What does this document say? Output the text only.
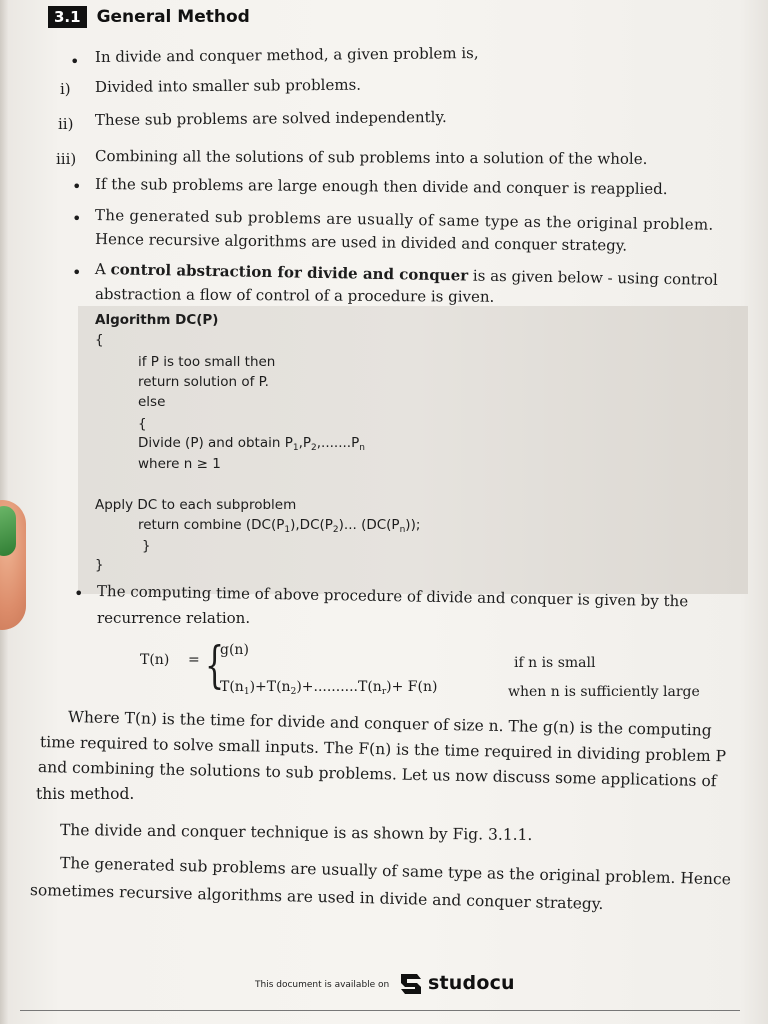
3.1 General Method
• In divide and conquer method, a given problem is,
i) Divided into smaller sub problems.
ii) These sub problems are solved independently.
iii) Combining all the solutions of sub problems into a solution of the whole.
• If the sub problems are large enough then divide and conquer is reapplied.
• The generated sub problems are usually of same type as the original problem.
Hence recursive algorithms are used in divided and conquer strategy.
• A control abstraction for divide and conquer is as given below - using control
abstraction a flow of control of a procedure is given.
Algorithm DC(P)
{
if P is too small then
return solution of P.
else
{
Divide (P) and obtain $P_1,P_2,.......P_n$
where n ≥ 1
Apply DC to each subproblem
return combine ($DC(P_1),DC(P_2)$... $(DC(P_n))$;
}
}
• The computing time of above procedure of divide and conquer is given by the
recurrence relation.
T(n) = {
g(n)
if n is small
$T(n_1)+T(n_2)+..........T(n_r)+ F(n)$	when n is sufficiently large
Where T(n) is the time for divide and conquer of size n. The g(n) is the computing
time required to solve small inputs. The F(n) is the time required in dividing problem P
and combining the solutions to sub problems. Let us now discuss some applications of
this method.
The divide and conquer technique is as shown by Fig. 3.1.1.
The generated sub problems are usually of same type as the original problem. Hence
sometimes recursive algorithms are used in divide and conquer strategy.
This document is available on studocu
